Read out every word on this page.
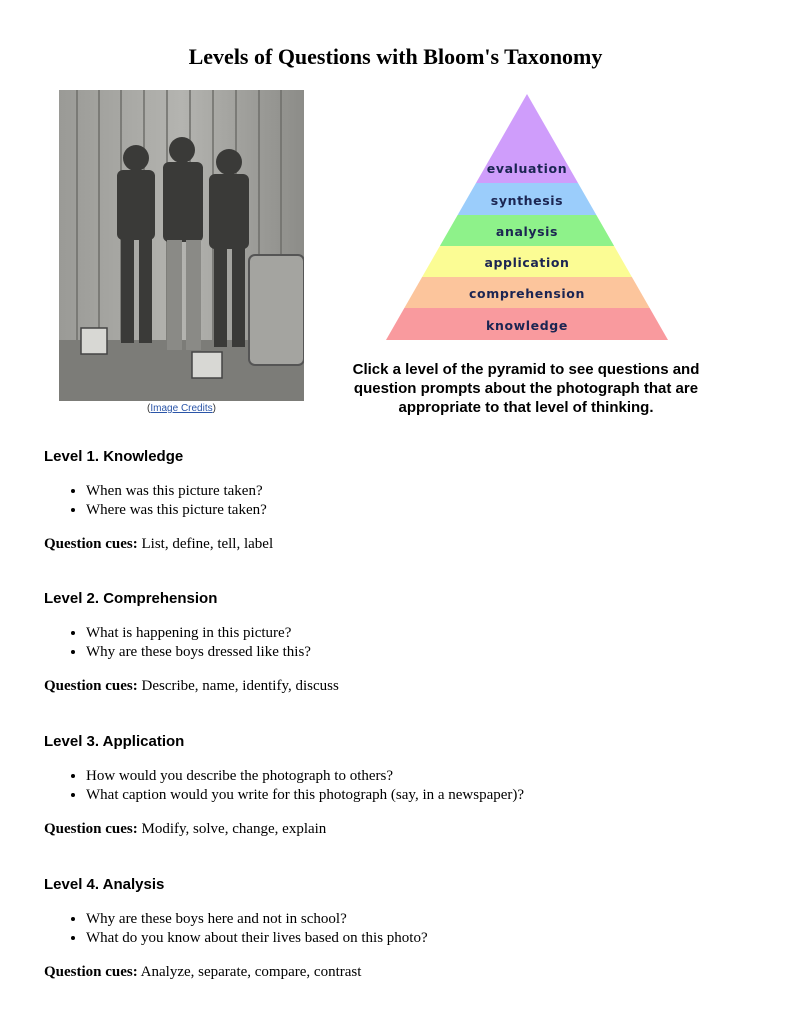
Levels of Questions with Bloom's Taxonomy
(Image Credits)
evaluation
synthesis
analysis
application
comprehension
knowledge
Click a level of the pyramid to see questions and question prompts about the photograph that are appropriate to that level of thinking.
Level 1. Knowledge
• When was this picture taken?
• Where was this picture taken?
Question cues: List, define, tell, label
Level 2. Comprehension
• What is happening in this picture?
• Why are these boys dressed like this?
Question cues: Describe, name, identify, discuss
Level 3. Application
• How would you describe the photograph to others?
• What caption would you write for this photograph (say, in a newspaper)?
Question cues: Modify, solve, change, explain
Level 4. Analysis
• Why are these boys here and not in school?
• What do you know about their lives based on this photo?
Question cues: Analyze, separate, compare, contrast
